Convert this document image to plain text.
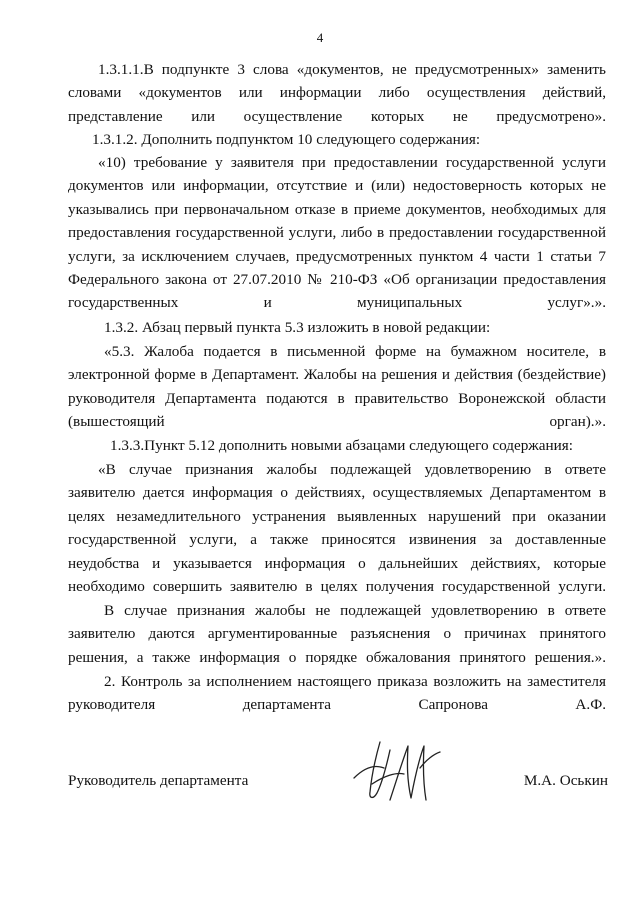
4
1.3.1.1.В подпункте 3 слова «документов, не предусмотренных» заменить словами «документов или информации либо осуществления действий, представление или осуществление которых не предусмотрено».
1.3.1.2. Дополнить подпунктом 10 следующего содержания:
«10) требование у заявителя при предоставлении государственной услуги документов или информации, отсутствие и (или) недостоверность которых не указывались при первоначальном отказе в приеме документов, необходимых для предоставления государственной услуги, либо в предоставлении государственной услуги, за исключением случаев, предусмотренных пунктом 4 части 1 статьи 7 Федерального закона от 27.07.2010 № 210-ФЗ «Об организации предоставления государственных и муниципальных услуг».».
1.3.2. Абзац первый пункта 5.3 изложить в новой редакции:
«5.3. Жалоба подается в письменной форме на бумажном носителе, в электронной форме в Департамент. Жалобы на решения и действия (бездействие) руководителя Департамента подаются в правительство Воронежской области (вышестоящий орган).».
1.3.3.Пункт 5.12 дополнить новыми абзацами следующего содержания:
«В случае признания жалобы подлежащей удовлетворению в ответе заявителю дается информация о действиях, осуществляемых Департаментом в целях незамедлительного устранения выявленных нарушений при оказании государственной услуги, а также приносятся извинения за доставленные неудобства и указывается информация о дальнейших действиях, которые необходимо совершить заявителю в целях получения государственной услуги.
В случае признания жалобы не подлежащей удовлетворению в ответе заявителю даются аргументированные разъяснения о причинах принятого решения, а также информация о порядке обжалования принятого решения.».
2. Контроль за исполнением настоящего приказа возложить на заместителя руководителя департамента Сапронова А.Ф.
Руководитель департамента	М.А. Оськин
